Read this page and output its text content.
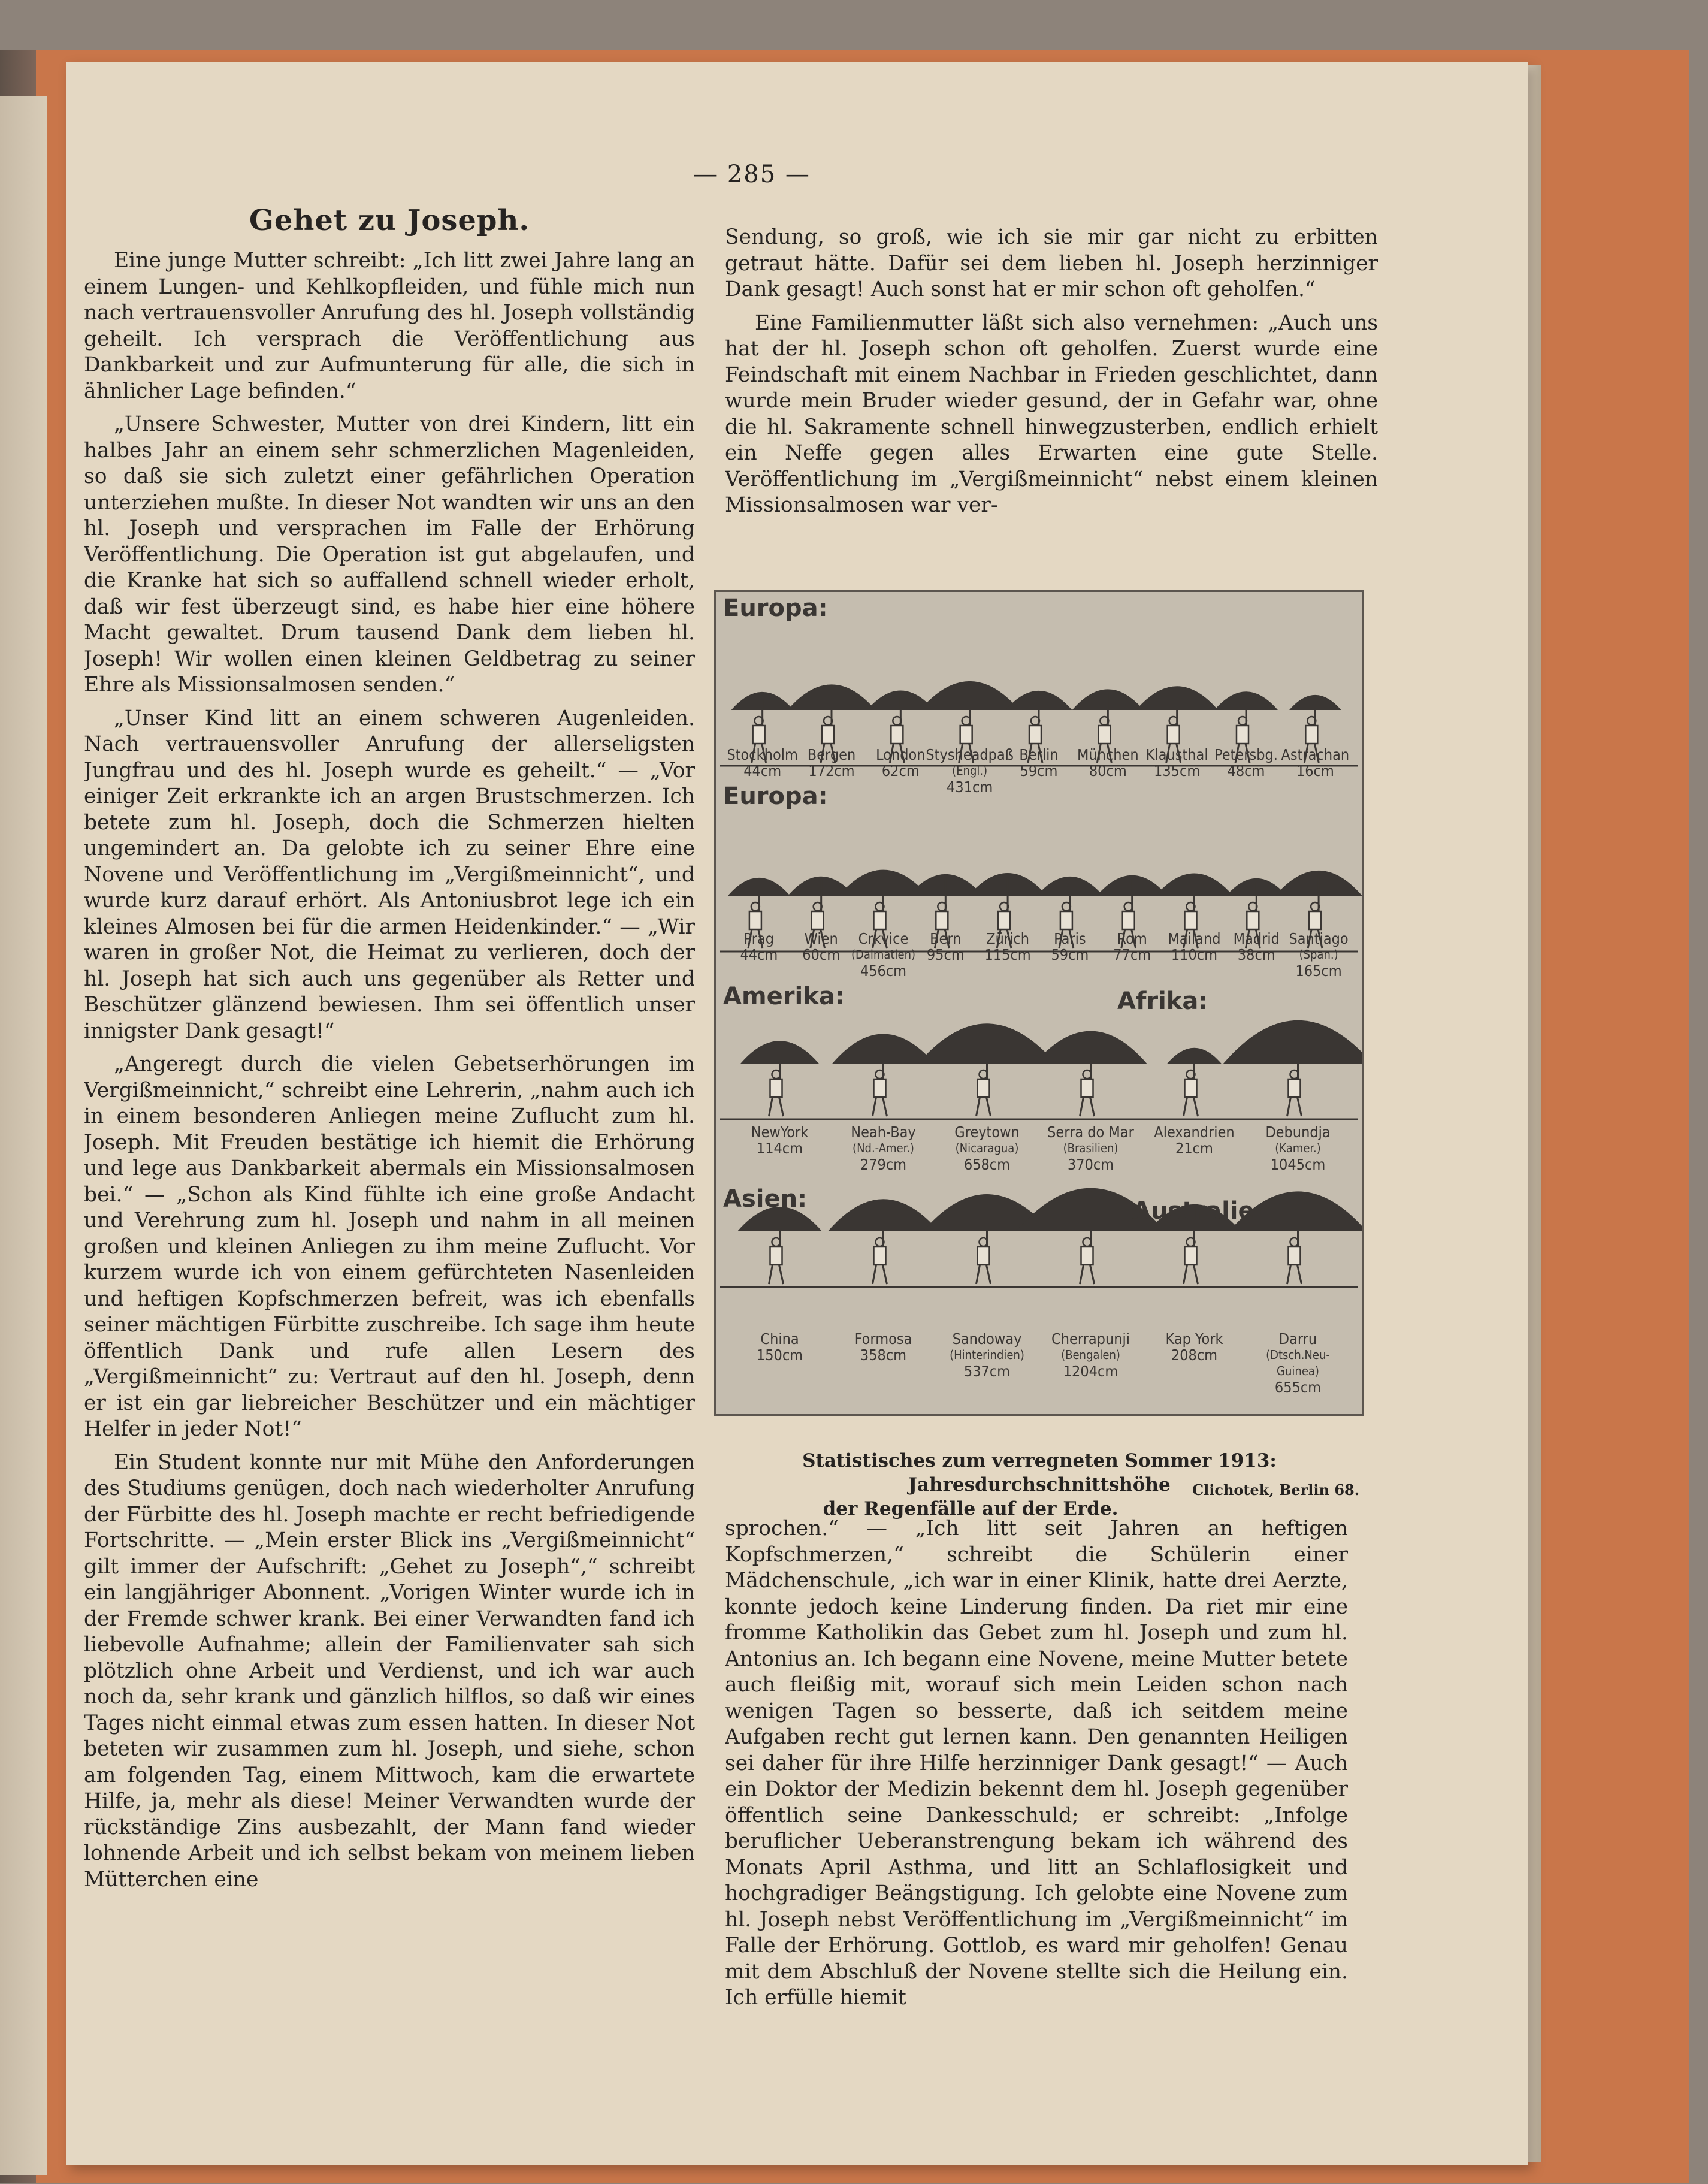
— 285 —
Gehet zu Joseph.

Eine junge Mutter schreibt: „Ich litt zwei Jahre lang an einem Lungen- und Kehlkopfleiden, und fühle mich nun nach vertrauensvoller Anrufung des hl. Joseph vollständig geheilt. Ich versprach die Veröffentlichung aus Dankbarkeit und zur Aufmunterung für alle, die sich in ähnlicher Lage befinden.“

„Unsere Schwester, Mutter von drei Kindern, litt ein halbes Jahr an einem sehr schmerzlichen Magenleiden, so daß sie sich zuletzt einer gefährlichen Operation unterziehen mußte. In dieser Not wandten wir uns an den hl. Joseph und versprachen im Falle der Erhörung Veröffentlichung. Die Operation ist gut abgelaufen, und die Kranke hat sich so auffallend schnell wieder erholt, daß wir fest überzeugt sind, es habe hier eine höhere Macht gewaltet. Drum tausend Dank dem lieben hl. Joseph! Wir wollen einen kleinen Geldbetrag zu seiner Ehre als Missionsalmosen senden.“

„Unser Kind litt an einem schweren Augenleiden. Nach vertrauensvoller Anrufung der allerseligsten Jungfrau und des hl. Joseph wurde es geheilt.“ — „Vor einiger Zeit erkrankte ich an argen Brustschmerzen. Ich betete zum hl. Joseph, doch die Schmerzen hielten ungemindert an. Da gelobte ich zu seiner Ehre eine Novene und Veröffentlichung im „Vergißmeinnicht“, und wurde kurz darauf erhört. Als Antoniusbrot lege ich ein kleines Almosen bei für die armen Heidenkinder.“ — „Wir waren in großer Not, die Heimat zu verlieren, doch der hl. Joseph hat sich auch uns gegenüber als Retter und Beschützer glänzend bewiesen. Ihm sei öffentlich unser innigster Dank gesagt!“

„Angeregt durch die vielen Gebetserhörungen im Vergißmeinnicht,“ schreibt eine Lehrerin, „nahm auch ich in einem besonderen Anliegen meine Zuflucht zum hl. Joseph. Mit Freuden bestätige ich hiemit die Erhörung und lege aus Dankbarkeit abermals ein Missionsalmosen bei.“ — „Schon als Kind fühlte ich eine große Andacht und Verehrung zum hl. Joseph und nahm in all meinen großen und kleinen Anliegen zu ihm meine Zuflucht. Vor kurzem wurde ich von einem gefürchteten Nasenleiden und heftigen Kopfschmerzen befreit, was ich ebenfalls seiner mächtigen Fürbitte zuschreibe. Ich sage ihm heute öffentlich Dank und rufe allen Lesern des „Vergißmeinnicht“ zu: Vertraut auf den hl. Joseph, denn er ist ein gar liebreicher Beschützer und ein mächtiger Helfer in jeder Not!“

Ein Student konnte nur mit Mühe den Anforderungen des Studiums genügen, doch nach wiederholter Anrufung der Fürbitte des hl. Joseph machte er recht befriedigende Fortschritte. — „Mein erster Blick ins „Vergißmeinnicht“ gilt immer der Aufschrift: „Gehet zu Joseph“,“ schreibt ein langjähriger Abonnent. „Vorigen Winter wurde ich in der Fremde schwer krank. Bei einer Verwandten fand ich liebevolle Aufnahme; allein der Familienvater sah sich plötzlich ohne Arbeit und Verdienst, und ich war auch noch da, sehr krank und gänzlich hilflos, so daß wir eines Tages nicht einmal etwas zum essen hatten. In dieser Not beteten wir zusammen zum hl. Joseph, und siehe, schon am folgenden Tag, einem Mittwoch, kam die erwartete Hilfe, ja, mehr als diese! Meiner Verwandten wurde der rückständige Zins ausbezahlt, der Mann fand wieder lohnende Arbeit und ich selbst bekam von meinem lieben Mütterchen eine

Sendung, so groß, wie ich sie mir gar nicht zu erbitten getraut hätte. Dafür sei dem lieben hl. Joseph herzinniger Dank gesagt! Auch sonst hat er mir schon oft geholfen.“

Eine Familienmutter läßt sich also vernehmen: „Auch uns hat der hl. Joseph schon oft geholfen. Zuerst wurde eine Feindschaft mit einem Nachbar in Frieden geschlichtet, dann wurde mein Bruder wieder gesund, der in Gefahr war, ohne die hl. Sakramente schnell hinwegzusterben, endlich erhielt ein Neffe gegen alles Erwarten eine gute Stelle. Veröffentlichung im „Vergißmeinnicht“ nebst einem kleinen Missionsalmosen war ver-

Europa:
Europa:
Amerika:	Afrika:
Asien:	Australien:
Stockholm
44cm
Bergen
172cm
London
62cm
Stysheadpaß
(Engl.)
431cm
Berlin
59cm
München
80cm
Klausthal
135cm
Petersbg.
48cm
Astrachan
16cm
Prag
44cm
Wien
60cm
Crkvice
(Dalmatien)
456cm
Bern
95cm
Zürich
115cm
Paris
59cm
Rom
77cm
Mailand
110cm
Madrid
38cm
Santiago
(Span.)
165cm
NewYork
114cm
Neah-Bay
(Nd.-Amer.)
279cm
Greytown
(Nicaragua)
658cm
Serra do Mar
(Brasilien)
370cm
Alexandrien
21cm
Debundja
(Kamer.)
1045cm
China
150cm
Formosa
358cm
Sandoway
(Hinterindien)
537cm
Cherrapunji
(Bengalen)
1204cm
Kap York
208cm
Darru
(Dtsch.Neu-Guinea)
655cm
Statistisches zum verregneten Sommer 1913: Jahresdurchschnittshöhe
der Regenfälle auf der Erde.
Clichotek, Berlin 68.

sprochen.“ — „Ich litt seit Jahren an heftigen Kopfschmerzen,“ schreibt die Schülerin einer Mädchenschule, „ich war in einer Klinik, hatte drei Aerzte, konnte jedoch keine Linderung finden. Da riet mir eine fromme Katholikin das Gebet zum hl. Joseph und zum hl. Antonius an. Ich begann eine Novene, meine Mutter betete auch fleißig mit, worauf sich mein Leiden schon nach wenigen Tagen so besserte, daß ich seitdem meine Aufgaben recht gut lernen kann. Den genannten Heiligen sei daher für ihre Hilfe herzinniger Dank gesagt!“ — Auch ein Doktor der Medizin bekennt dem hl. Joseph gegenüber öffentlich seine Dankesschuld; er schreibt: „Infolge beruflicher Ueberanstrengung bekam ich während des Monats April Asthma, und litt an Schlaflosigkeit und hochgradiger Beängstigung. Ich gelobte eine Novene zum hl. Joseph nebst Veröffentlichung im „Vergißmeinnicht“ im Falle der Erhörung. Gottlob, es ward mir geholfen! Genau mit dem Abschluß der Novene stellte sich die Heilung ein. Ich erfülle hiemit
